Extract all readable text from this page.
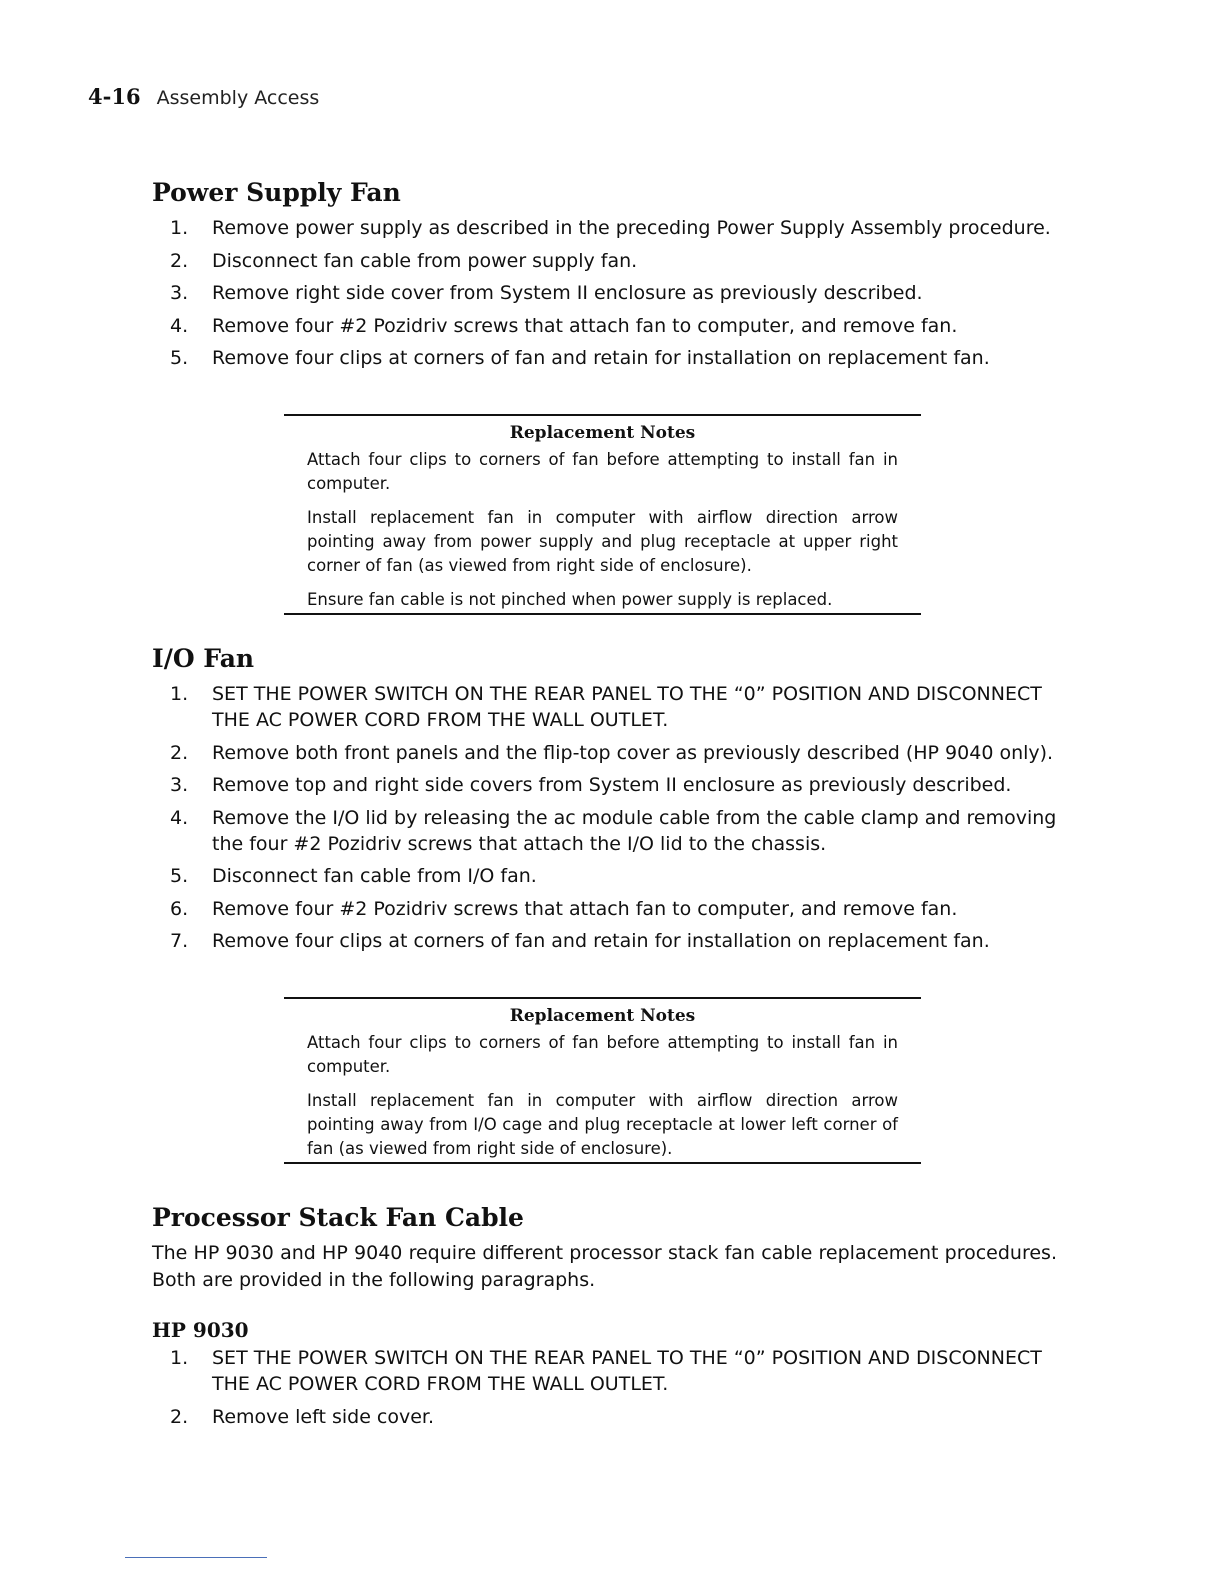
4-16 Assembly Access
Power Supply Fan
1.	Remove power supply as described in the preceding Power Supply Assembly procedure.
2.	Disconnect fan cable from power supply fan.
3.	Remove right side cover from System II enclosure as previously described.
4.	Remove four #2 Pozidriv screws that attach fan to computer, and remove fan.
5.	Remove four clips at corners of fan and retain for installation on replacement fan.
Replacement Notes

Attach four clips to corners of fan before attempting to install fan in computer.

Install replacement fan in computer with airflow direction arrow pointing away from power supply and plug receptacle at upper right corner of fan (as viewed from right side of enclosure).

Ensure fan cable is not pinched when power supply is replaced.

I/O Fan
1.	SET THE POWER SWITCH ON THE REAR PANEL TO THE “0” POSITION AND DISCONNECT THE AC POWER CORD FROM THE WALL OUTLET.
2.	Remove both front panels and the flip-top cover as previously described (HP 9040 only).
3.	Remove top and right side covers from System II enclosure as previously described.
4.	Remove the I/O lid by releasing the ac module cable from the cable clamp and removing the four #2 Pozidriv screws that attach the I/O lid to the chassis.
5.	Disconnect fan cable from I/O fan.
6.	Remove four #2 Pozidriv screws that attach fan to computer, and remove fan.
7.	Remove four clips at corners of fan and retain for installation on replacement fan.
Replacement Notes

Attach four clips to corners of fan before attempting to install fan in computer.

Install replacement fan in computer with airflow direction arrow pointing away from I/O cage and plug receptacle at lower left corner of fan (as viewed from right side of enclosure).

Processor Stack Fan Cable
The HP 9030 and HP 9040 require different processor stack fan cable replacement procedures. Both are provided in the following paragraphs.
HP 9030
1.	SET THE POWER SWITCH ON THE REAR PANEL TO THE “0” POSITION AND DISCONNECT THE AC POWER CORD FROM THE WALL OUTLET.
2.	Remove left side cover.
